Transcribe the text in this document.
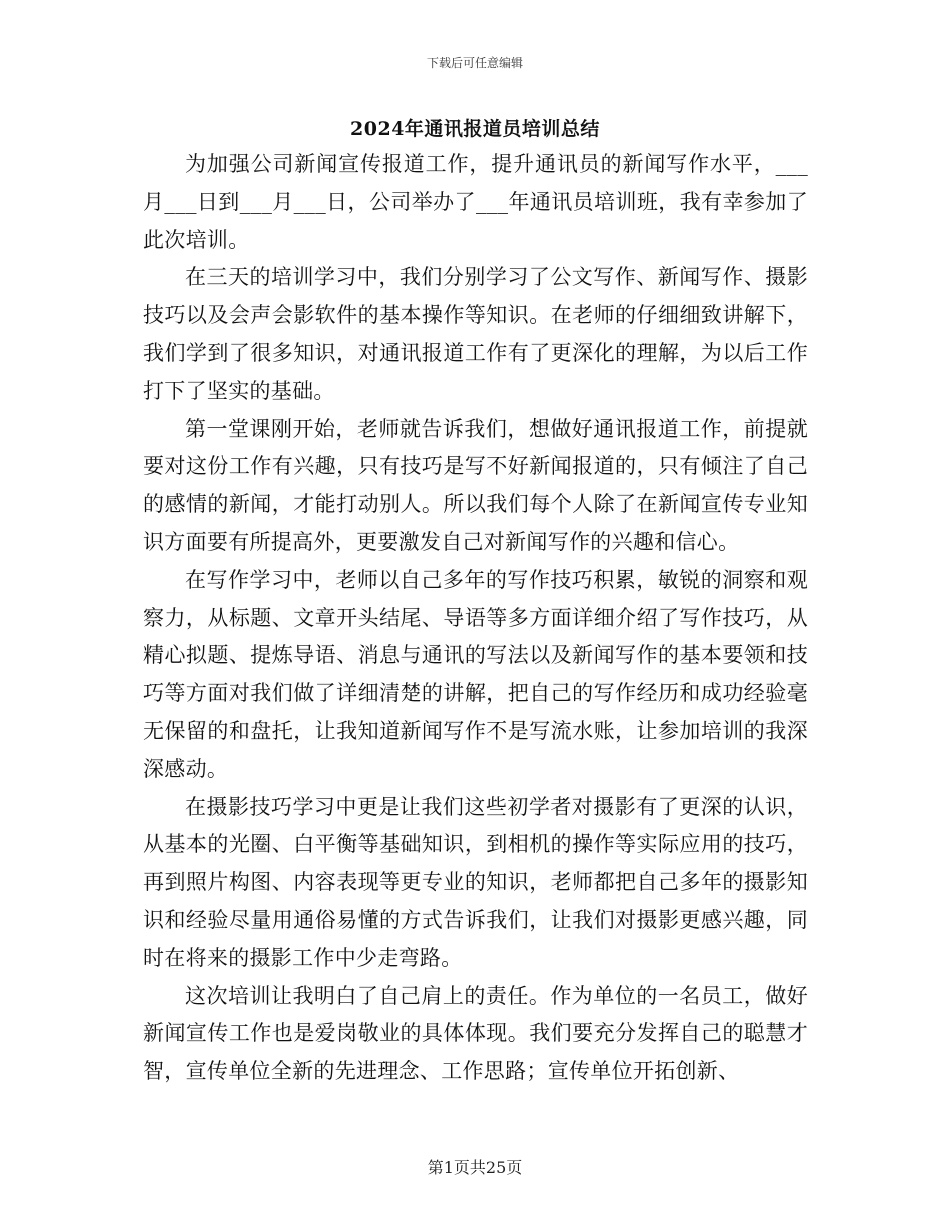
下载后可任意编辑
2024年通讯报道员培训总结

为加强公司新闻宣传报道工作，提升通讯员的新闻写作水平，___月___日到___月___日，公司举办了___年通讯员培训班，我有幸参加了此次培训。

在三天的培训学习中，我们分别学习了公文写作、新闻写作、摄影技巧以及会声会影软件的基本操作等知识。在老师的仔细细致讲解下，我们学到了很多知识，对通讯报道工作有了更深化的理解，为以后工作打下了坚实的基础。

第一堂课刚开始，老师就告诉我们，想做好通讯报道工作，前提就要对这份工作有兴趣，只有技巧是写不好新闻报道的，只有倾注了自己的感情的新闻，才能打动别人。所以我们每个人除了在新闻宣传专业知识方面要有所提高外，更要激发自己对新闻写作的兴趣和信心。

在写作学习中，老师以自己多年的写作技巧积累，敏锐的洞察和观察力，从标题、文章开头结尾、导语等多方面详细介绍了写作技巧，从精心拟题、提炼导语、消息与通讯的写法以及新闻写作的基本要领和技巧等方面对我们做了详细清楚的讲解，把自己的写作经历和成功经验毫无保留的和盘托，让我知道新闻写作不是写流水账，让参加培训的我深深感动。

在摄影技巧学习中更是让我们这些初学者对摄影有了更深的认识，从基本的光圈、白平衡等基础知识，到相机的操作等实际应用的技巧，再到照片构图、内容表现等更专业的知识，老师都把自己多年的摄影知识和经验尽量用通俗易懂的方式告诉我们，让我们对摄影更感兴趣，同时在将来的摄影工作中少走弯路。

这次培训让我明白了自己肩上的责任。作为单位的一名员工，做好新闻宣传工作也是爱岗敬业的具体体现。我们要充分发挥自己的聪慧才智，宣传单位全新的先进理念、工作思路；宣传单位开拓创新、

第1页共25页
